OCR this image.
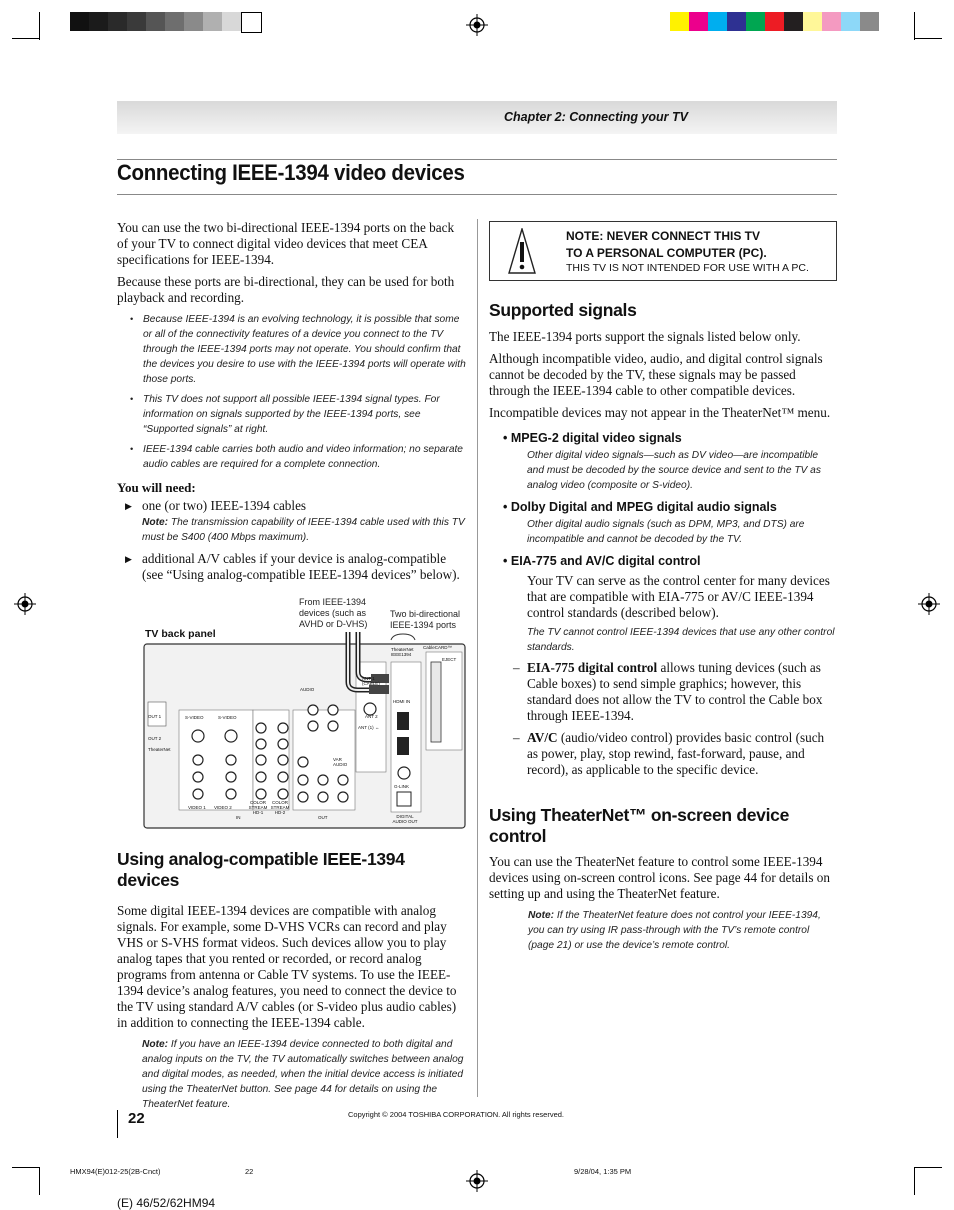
Chapter 2: Connecting your TV
Connecting IEEE-1394 video devices

You can use the two bi-directional IEEE-1394 ports on the back of your TV to connect digital video devices that meet CEA specifications for IEEE-1394.

Because these ports are bi-directional, they can be used for both playback and recording.

• Because IEEE-1394 is an evolving technology, it is possible that some or all of the connectivity features of a device you connect to the TV through the IEEE-1394 ports may not operate. You should confirm that the devices you desire to use with the IEEE-1394 ports will operate with those ports.
• This TV does not support all possible IEEE-1394 signal types. For information on signals supported by the IEEE-1394 ports, see “Supported signals” at right.
• IEEE-1394 cable carries both audio and video information; no separate audio cables are required for a complete connection.
You will need:
▶ one (or two) IEEE-1394 cables
Note: The transmission capability of IEEE-1394 cable used with this TV must be S400 (400 Mbps maximum).
▶ additional A/V cables if your device is analog-compatible (see “Using analog-compatible IEEE-1394 devices” below).
From IEEE-1394 devices (such as AVHD or D-VHS)
Two bi-directional IEEE-1394 ports
TV back panel
OUT 1
OUT 2
TheaterNet
S-VIDEO	S-VIDEO
VIDEO 1 VIDEO 2
COLOR STREAM HD-1
COLOR STREAM HD-2
IN	OUT
AUDIO
VAR AUDIO
ANT 1 (CABLE)
ANT 2
ANT (1) ↔
HDMI IN
G-LINK
DIGITAL AUDIO OUT
CableCARD™
EJECT
TheaterNet IEEE1394
Using analog-compatible IEEE-1394 devices

Some digital IEEE-1394 devices are compatible with analog signals. For example, some D-VHS VCRs can record and play VHS or S-VHS format videos. Such devices allow you to play analog tapes that you rented or recorded, or record analog programs from antenna or Cable TV systems. To use the IEEE-1394 device’s analog features, you need to connect the device to the TV using standard A/V cables (or S-video plus audio cables) in addition to connecting the IEEE-1394 cable.

Note: If you have an IEEE-1394 device connected to both digital and analog inputs on the TV, the TV automatically switches between analog and digital modes, as needed, when the initial device access is initiated using the TheaterNet button. See page 44 for details on using the TheaterNet feature.
NOTE: NEVER CONNECT THIS TV
TO A PERSONAL COMPUTER (PC).
THIS TV IS NOT INTENDED FOR USE WITH A PC.
Supported signals

The IEEE-1394 ports support the signals listed below only.

Although incompatible video, audio, and digital control signals cannot be decoded by the TV, these signals may be passed through the IEEE-1394 cable to other compatible devices.

Incompatible devices may not appear in the TheaterNet™ menu.

• MPEG-2 digital video signals
Other digital video signals—such as DV video—are incompatible and must be decoded by the source device and sent to the TV as analog video (composite or S-video).
• Dolby Digital and MPEG digital audio signals
Other digital audio signals (such as DPM, MP3, and DTS) are incompatible and cannot be decoded by the TV.
• EIA-775 and AV/C digital control

Your TV can serve as the control center for many devices that are compatible with EIA-775 or AV/C IEEE-1394 control standards (described below).

The TV cannot control IEEE-1394 devices that use any other control standards.
– EIA-775 digital control allows tuning devices (such as Cable boxes) to send simple graphics; however, this standard does not allow the TV to control the Cable box through IEEE-1394.
– AV/C (audio/video control) provides basic control (such as power, play, stop rewind, fast-forward, pause, and record), as applicable to the specific device.
Using TheaterNet™ on-screen device control

You can use the TheaterNet feature to control some IEEE-1394 devices using on-screen control icons. See page 44 for details on setting up and using the TheaterNet feature.

Note: If the TheaterNet feature does not control your IEEE-1394, you can try using IR pass-through with the TV’s remote control (page 21) or use the device’s remote control.
22	Copyright © 2004 TOSHIBA CORPORATION. All rights reserved.
HMX94(E)012-25(2B-Cnct)	22	9/28/04, 1:35 PM
(E) 46/52/62HM94
